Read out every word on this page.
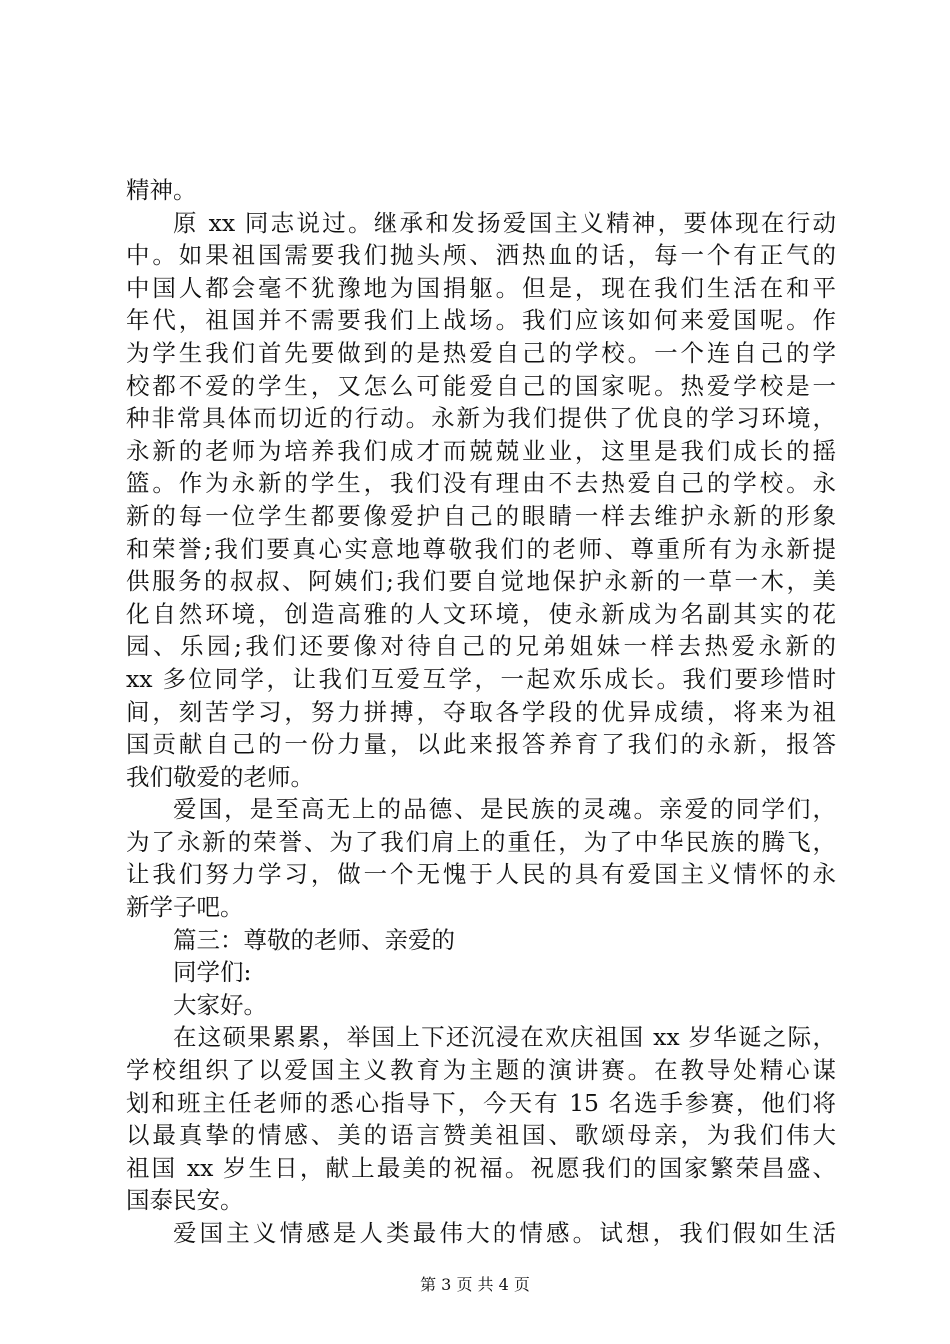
精神。
原 xx 同志说过。继承和发扬爱国主义精神，要体现在行动
中。如果祖国需要我们抛头颅、洒热血的话，每一个有正气的
中国人都会毫不犹豫地为国捐躯。但是，现在我们生活在和平
年代，祖国并不需要我们上战场。我们应该如何来爱国呢。作
为学生我们首先要做到的是热爱自己的学校。一个连自己的学
校都不爱的学生，又怎么可能爱自己的国家呢。热爱学校是一
种非常具体而切近的行动。永新为我们提供了优良的学习环境，
永新的老师为培养我们成才而兢兢业业，这里是我们成长的摇
篮。作为永新的学生，我们没有理由不去热爱自己的学校。永
新的每一位学生都要像爱护自己的眼睛一样去维护永新的形象
和荣誉;我们要真心实意地尊敬我们的老师、尊重所有为永新提
供服务的叔叔、阿姨们;我们要自觉地保护永新的一草一木，美
化自然环境，创造高雅的人文环境，使永新成为名副其实的花
园、乐园;我们还要像对待自己的兄弟姐妹一样去热爱永新的
xx 多位同学，让我们互爱互学，一起欢乐成长。我们要珍惜时
间，刻苦学习，努力拼搏，夺取各学段的优异成绩，将来为祖
国贡献自己的一份力量，以此来报答养育了我们的永新，报答
我们敬爱的老师。
爱国，是至高无上的品德、是民族的灵魂。亲爱的同学们，
为了永新的荣誉、为了我们肩上的重任，为了中华民族的腾飞，
让我们努力学习，做一个无愧于人民的具有爱国主义情怀的永
新学子吧。
篇三：尊敬的老师、亲爱的
同学们:
大家好。
在这硕果累累，举国上下还沉浸在欢庆祖国 xx 岁华诞之际，
学校组织了以爱国主义教育为主题的演讲赛。在教导处精心谋
划和班主任老师的悉心指导下，今天有 15 名选手参赛，他们将
以最真挚的情感、美的语言赞美祖国、歌颂母亲，为我们伟大
祖国 xx 岁生日，献上最美的祝福。祝愿我们的国家繁荣昌盛、
国泰民安。
爱国主义情感是人类最伟大的情感。试想，我们假如生活
第 3 页 共 4 页
